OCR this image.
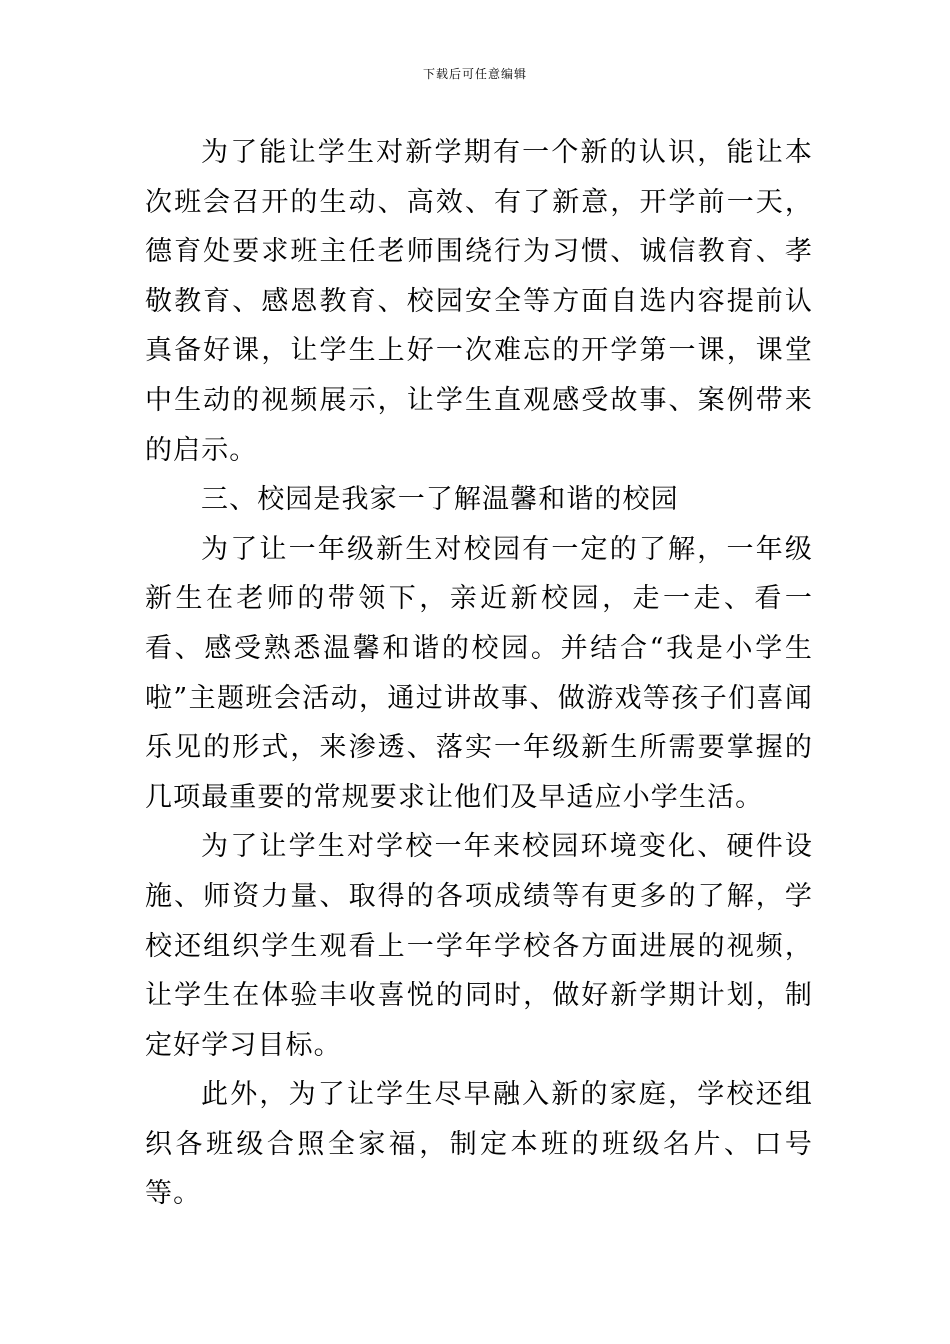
下载后可任意编辑

为了能让学生对新学期有一个新的认识，能让本次班会召开的生动、高效、有了新意，开学前一天，德育处要求班主任老师围绕行为习惯、诚信教育、孝敬教育、感恩教育、校园安全等方面自选内容提前认真备好课，让学生上好一次难忘的开学第一课，课堂中生动的视频展示，让学生直观感受故事、案例带来的启示。

三、校园是我家一了解温馨和谐的校园

为了让一年级新生对校园有一定的了解，一年级新生在老师的带领下，亲近新校园，走一走、看一看、感受熟悉温馨和谐的校园。并结合“我是小学生啦”主题班会活动，通过讲故事、做游戏等孩子们喜闻乐见的形式，来渗透、落实一年级新生所需要掌握的几项最重要的常规要求让他们及早适应小学生活。

为了让学生对学校一年来校园环境变化、硬件设施、师资力量、取得的各项成绩等有更多的了解，学校还组织学生观看上一学年学校各方面进展的视频，让学生在体验丰收喜悦的同时，做好新学期计划，制定好学习目标。

此外，为了让学生尽早融入新的家庭，学校还组织各班级合照全家福，制定本班的班级名片、口号等。
